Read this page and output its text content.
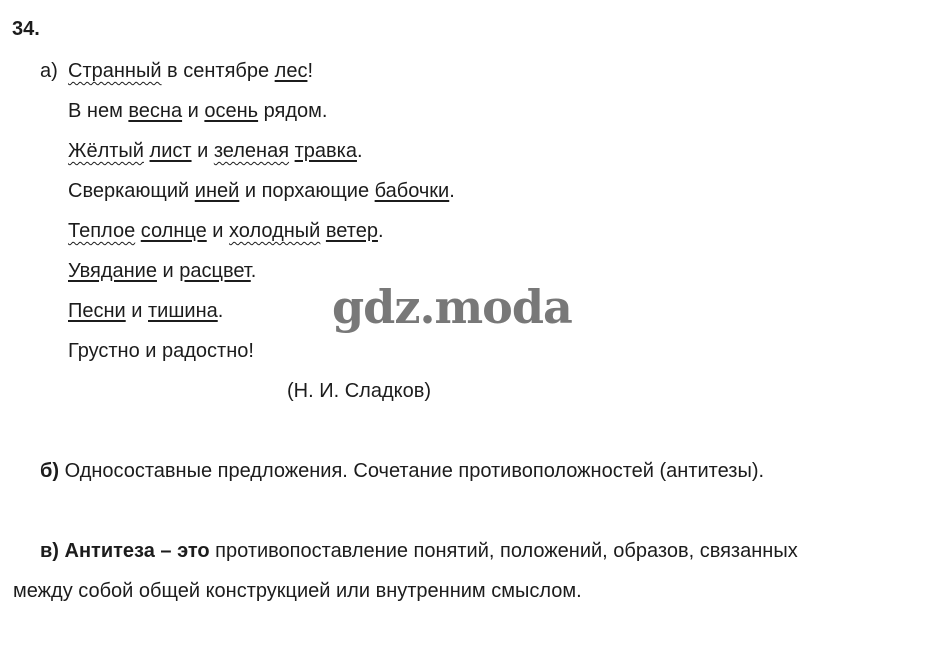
34.
а) Странный в сентябре лес!
В нем весна и осень рядом.
Жёлтый лист и зеленая травка.
Сверкающий иней и порхающие бабочки.
Теплое солнце и холодный ветер.
Увядание и расцвет.
Песни и тишина.
Грустно и радостно!
(Н. И. Сладков)
gdz.moda
б) Односоставные предложения. Сочетание противоположностей (антитезы).
в) Антитеза – это противопоставление понятий, положений, образов, связанных
между собой общей конструкцией или внутренним смыслом.
